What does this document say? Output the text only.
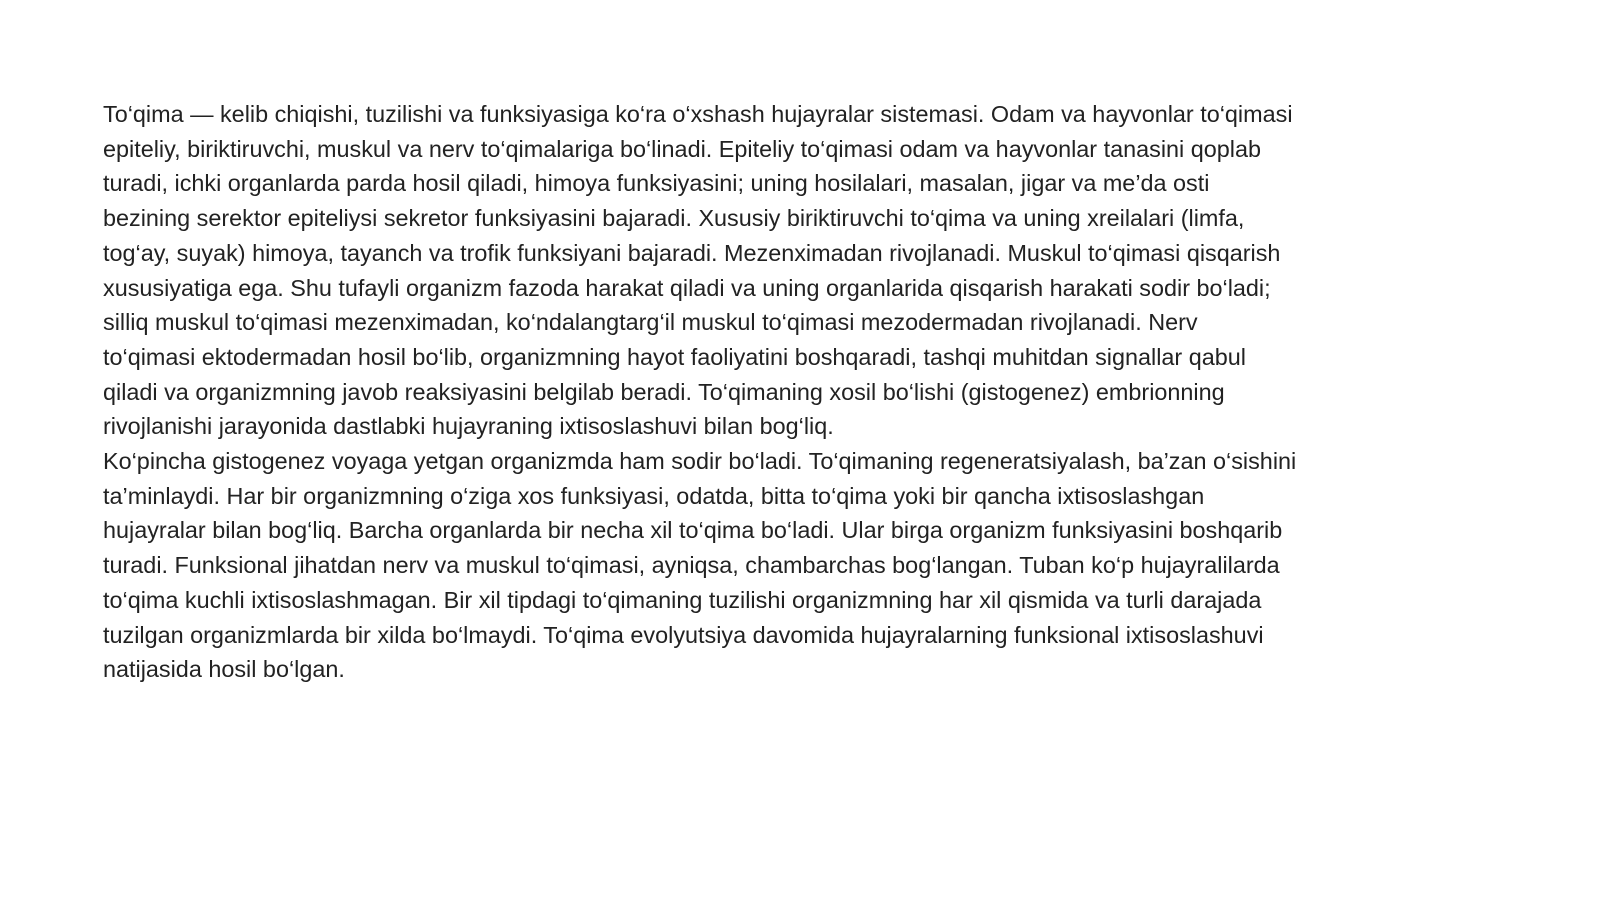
To‘qima — kelib chiqishi, tuzilishi va funksiyasiga ko‘ra o‘xshash hujayralar sistemasi. Odam va hayvonlar to‘qimasi
epiteliy, biriktiruvchi, muskul va nerv to‘qimalariga bo‘linadi. Epiteliy to‘qimasi odam va hayvonlar tanasini qoplab
turadi, ichki organlarda parda hosil qiladi, himoya funksiyasini; uning hosilalari, masalan, jigar va me’da osti
bezining serektor epiteliysi sekretor funksiyasini bajaradi. Xususiy biriktiruvchi to‘qima va uning xreilalari (limfa,
tog‘ay, suyak) himoya, tayanch va trofik funksiyani bajaradi. Mezenximadan rivojlanadi. Muskul to‘qimasi qisqarish
xususiyatiga ega. Shu tufayli organizm fazoda harakat qiladi va uning organlarida qisqarish harakati sodir bo‘ladi;
silliq muskul to‘qimasi mezenximadan, ko‘ndalangtarg‘il muskul to‘qimasi mezodermadan rivojlanadi. Nerv
to‘qimasi ektodermadan hosil bo‘lib, organizmning hayot faoliyatini boshqaradi, tashqi muhitdan signallar qabul
qiladi va organizmning javob reaksiyasini belgilab beradi. To‘qimaning xosil bo‘lishi (gistogenez) embrionning
rivojlanishi jarayonida dastlabki hujayraning ixtisoslashuvi bilan bog‘liq.

Ko‘pincha gistogenez voyaga yetgan organizmda ham sodir bo‘ladi. To‘qimaning regeneratsiyalash, ba’zan o‘sishini
ta’minlaydi. Har bir organizmning o‘ziga xos funksiyasi, odatda, bitta to‘qima yoki bir qancha ixtisoslashgan
hujayralar bilan bog‘liq. Barcha organlarda bir necha xil to‘qima bo‘ladi. Ular birga organizm funksiyasini boshqarib
turadi. Funksional jihatdan nerv va muskul to‘qimasi, ayniqsa, chambarchas bog‘langan. Tuban ko‘p hujayralilarda
to‘qima kuchli ixtisoslashmagan. Bir xil tipdagi to‘qimaning tuzilishi organizmning har xil qismida va turli darajada
tuzilgan organizmlarda bir xilda bo‘lmaydi. To‘qima evolyutsiya davomida hujayralarning funksional ixtisoslashuvi
natijasida hosil bo‘lgan.
